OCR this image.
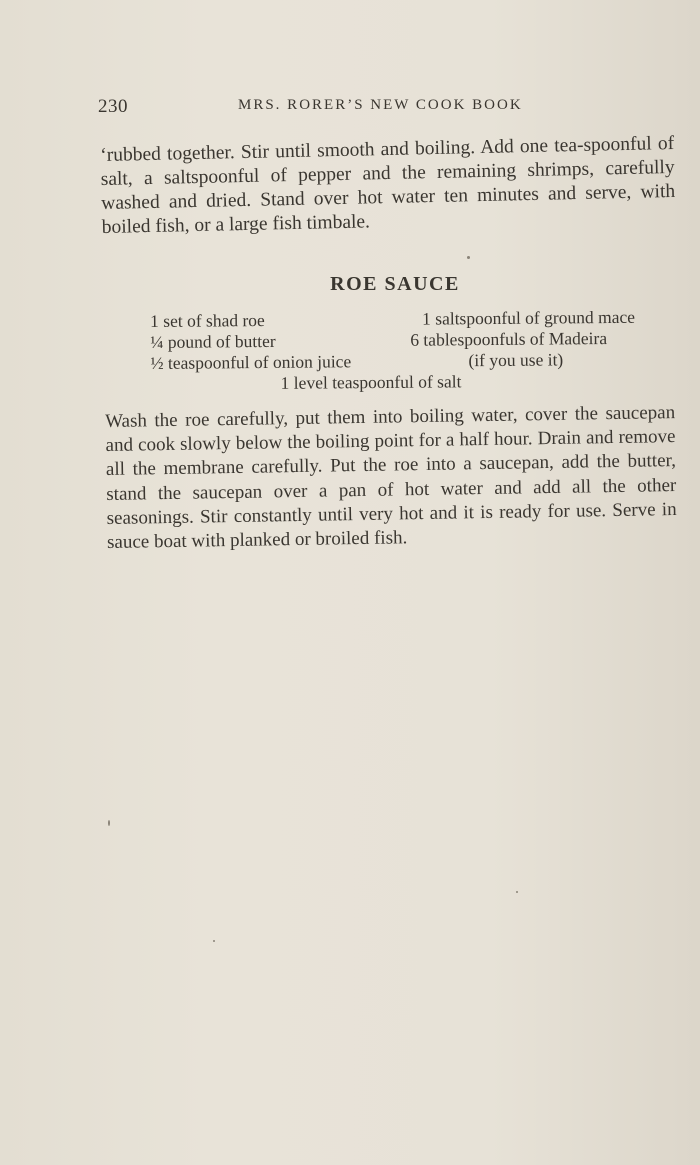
230	MRS. RORER’S NEW COOK BOOK
‘rubbed together. Stir until smooth and boiling. Add one tea-spoonful of salt, a saltspoonful of pepper and the remaining shrimps, carefully washed and dried. Stand over hot water ten minutes and serve, with boiled fish, or a large fish timbale.
ROE SAUCE
1 set of shad roe	1 saltspoonful of ground mace
¼ pound of butter	6 tablespoonfuls of Madeira
½ teaspoonful of onion juice	(if you use it)
1 level teaspoonful of salt
Wash the roe carefully, put them into boiling water, cover the saucepan and cook slowly below the boiling point for a half hour. Drain and remove all the membrane carefully. Put the roe into a saucepan, add the butter, stand the saucepan over a pan of hot water and add all the other seasonings. Stir constantly until very hot and it is ready for use. Serve in sauce boat with planked or broiled fish.
